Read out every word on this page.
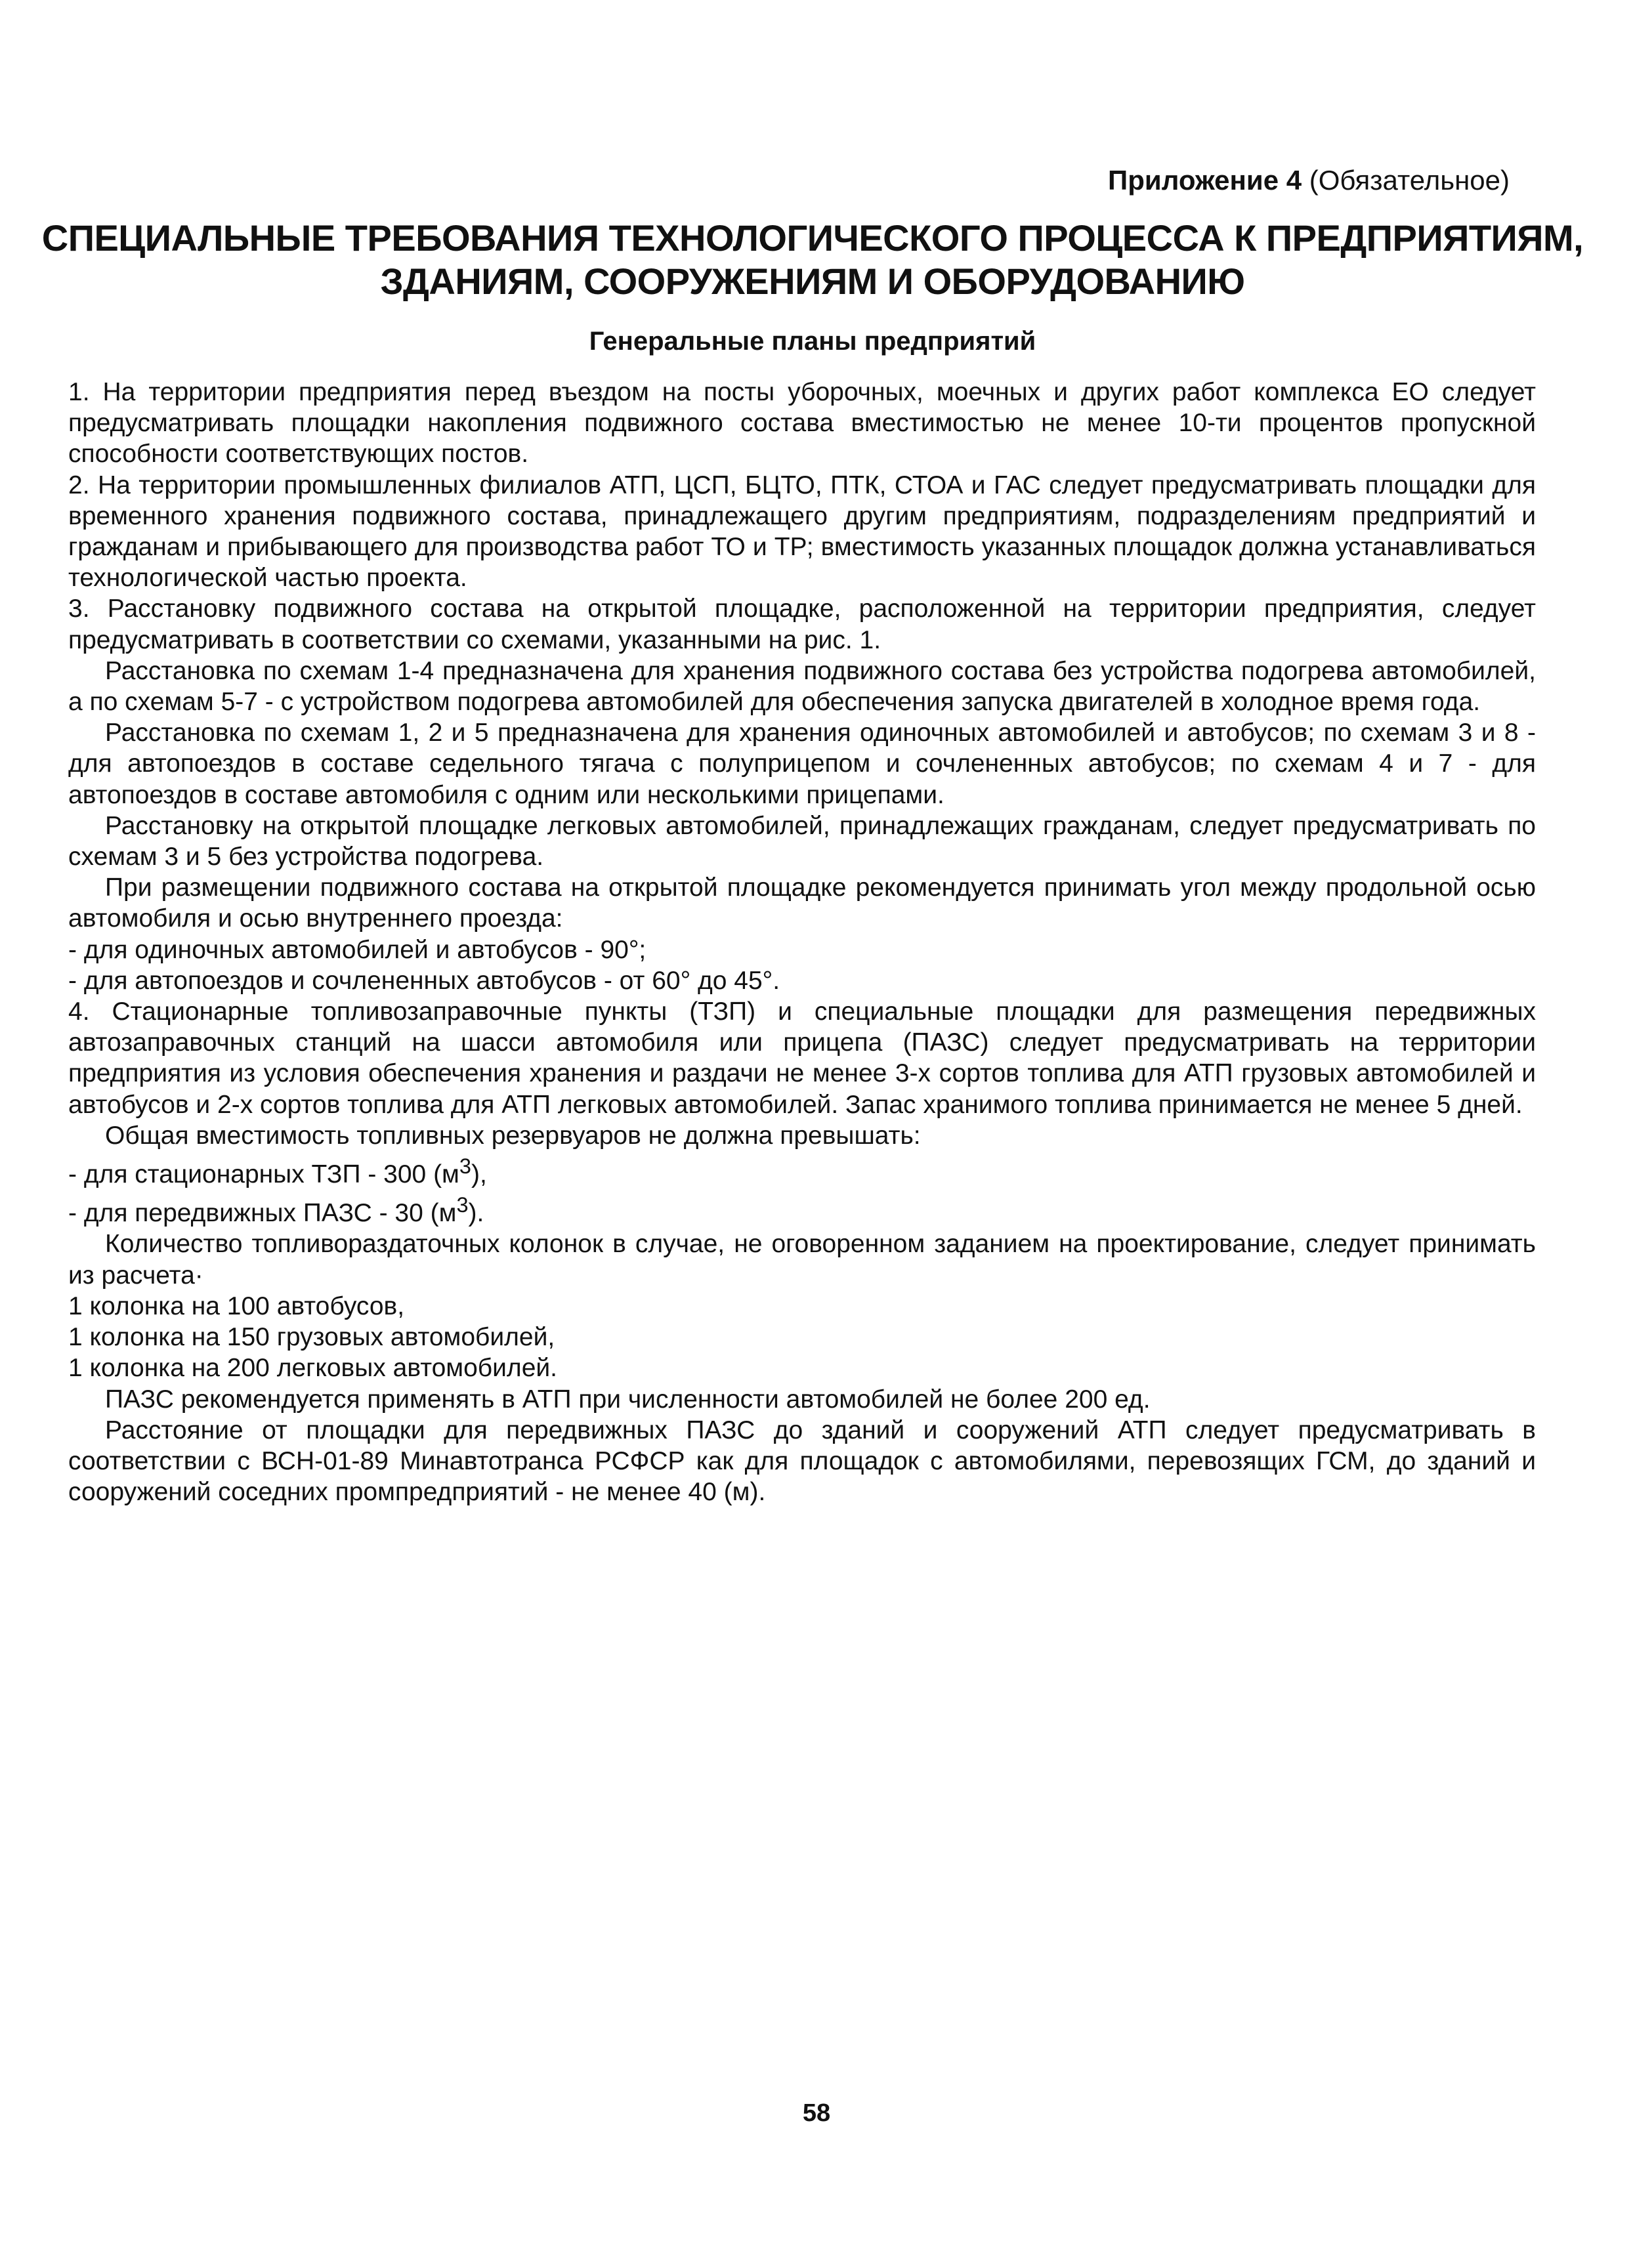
Приложение 4 (Обязательное)
СПЕЦИАЛЬНЫЕ ТРЕБОВАНИЯ ТЕХНОЛОГИЧЕСКОГО ПРОЦЕССА К ПРЕДПРИЯТИЯМ,
ЗДАНИЯМ, СООРУЖЕНИЯМ И ОБОРУДОВАНИЮ
Генеральные планы предприятий

1. На территории предприятия перед въездом на посты уборочных, моечных и других работ комплекса ЕО следует предусматривать площадки накопления подвижного состава вместимостью не менее 10-ти процентов пропускной способности соответствующих постов.

2. На территории промышленных филиалов АТП, ЦСП, БЦТО, ПТК, СТОА и ГАС следует предусматривать площадки для временного хранения подвижного состава, принадлежащего другим предприятиям, подразделениям предприятий и гражданам и прибывающего для производства работ ТО и ТР; вместимость указанных площадок должна устанавливаться технологической частью проекта.

3. Расстановку подвижного состава на открытой площадке, расположенной на территории предприятия, следует предусматривать в соответствии со схемами, указанными на рис. 1.

Расстановка по схемам 1-4 предназначена для хранения подвижного состава без устройства подогрева автомобилей, а по схемам 5-7 - с устройством подогрева автомобилей для обеспечения запуска двигателей в холодное время года.

Расстановка по схемам 1, 2 и 5 предназначена для хранения одиночных автомобилей и автобусов; по схемам 3 и 8 - для автопоездов в составе седельного тягача с полуприцепом и сочлененных автобусов; по схемам 4 и 7 - для автопоездов в составе автомобиля с одним или несколькими прицепами.

Расстановку на открытой площадке легковых автомобилей, принадлежащих гражданам, следует предусматривать по схемам 3 и 5 без устройства подогрева.

При размещении подвижного состава на открытой площадке рекомендуется принимать угол между продольной осью автомобиля и осью внутреннего проезда:

- для одиночных автомобилей и автобусов - 90°;

- для автопоездов и сочлененных автобусов - от 60° до 45°.

4. Стационарные топливозаправочные пункты (ТЗП) и специальные площадки для размещения передвижных автозаправочных станций на шасси автомобиля или прицепа (ПАЗС) следует предусматривать на территории предприятия из условия обеспечения хранения и раздачи не менее 3-х сортов топлива для АТП грузовых автомобилей и автобусов и 2-х сортов топлива для АТП легковых автомобилей. Запас хранимого топлива принимается не менее 5 дней.

Общая вместимость топливных резервуаров не должна превышать:

- для стационарных ТЗП - 300 $(м^3)$,

- для передвижных ПАЗС - 30 $(м^3)$.

Количество топливораздаточных колонок в случае, не оговоренном заданием на проектирование, следует принимать из расчета·

1 колонка на 100 автобусов,

1 колонка на 150 грузовых автомобилей,

1 колонка на 200 легковых автомобилей.

ПАЗС рекомендуется применять в АТП при численности автомобилей не более 200 ед.

Расстояние от площадки для передвижных ПАЗС до зданий и сооружений АТП следует предусматривать в соответствии с ВСН-01-89 Минавтотранса РСФСР как для площадок с автомобилями, перевозящих ГСМ, до зданий и сооружений соседних промпредприятий - не менее 40 (м).

58
